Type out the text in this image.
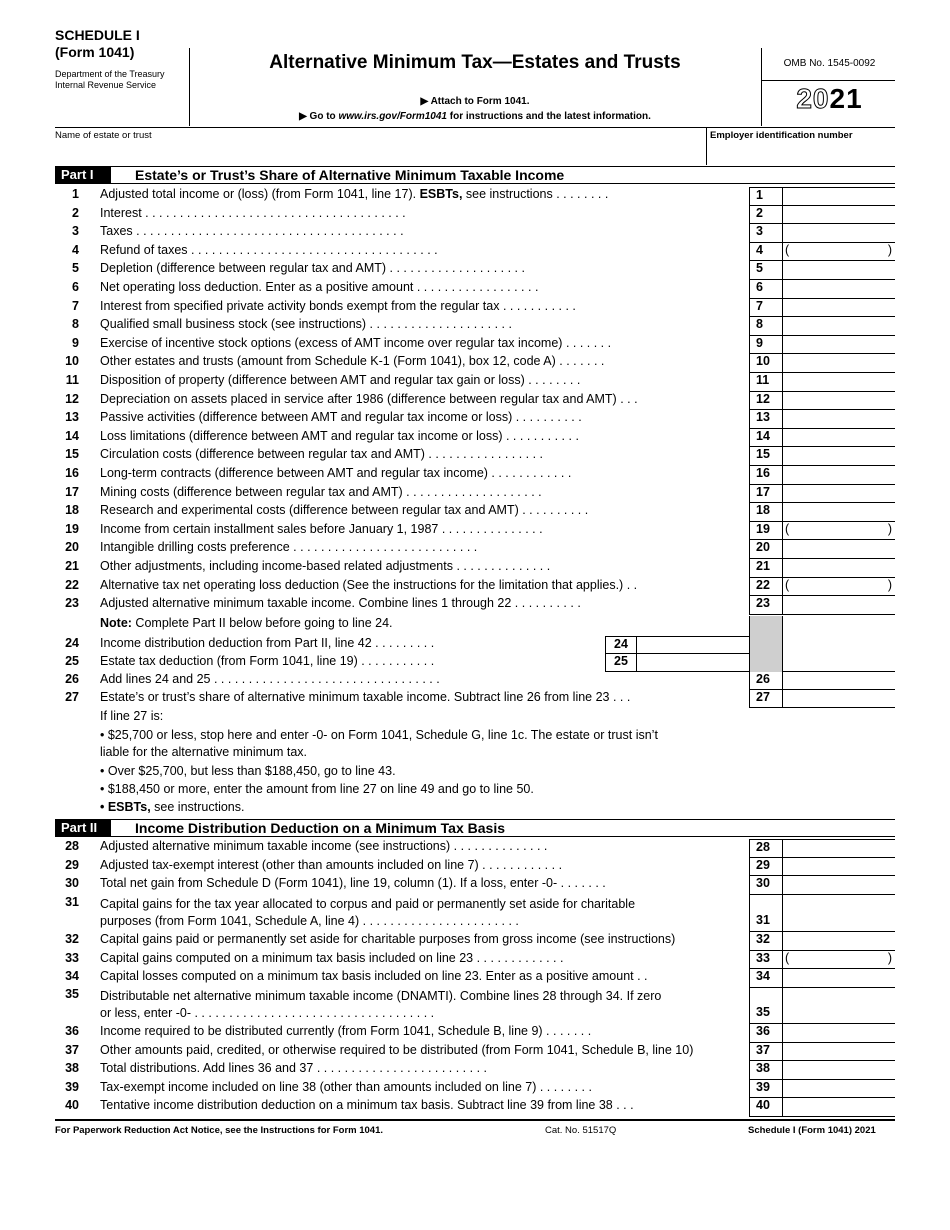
SCHEDULE I
(Form 1041)
Department of the Treasury
Internal Revenue Service
Alternative Minimum Tax—Estates and Trusts
▶ Attach to Form 1041.
▶ Go to www.irs.gov/Form1041 for instructions and the latest information.
OMB No. 1545-0092
2021
Name of estate or trust	Employer identification number
Part I	Estate’s or Trust’s Share of Alternative Minimum Taxable Income
1 Adjusted total income or (loss) (from Form 1041, line 17). ESBTs, see instructions . . . . . . . .	1
2 Interest . . . . . . . . . . . . . . . . . . . . . . . . . . . . . . . . . . . . . .	2
3 Taxes . . . . . . . . . . . . . . . . . . . . . . . . . . . . . . . . . . . . . . .	3
4 Refund of taxes . . . . . . . . . . . . . . . . . . . . . . . . . . . . . . . . . . . .	4	(	)
5 Depletion (difference between regular tax and AMT) . . . . . . . . . . . . . . . . . . . .	5
6 Net operating loss deduction. Enter as a positive amount . . . . . . . . . . . . . . . . . .	6
7 Interest from specified private activity bonds exempt from the regular tax . . . . . . . . . . .	7
8 Qualified small business stock (see instructions) . . . . . . . . . . . . . . . . . . . . .	8
9 Exercise of incentive stock options (excess of AMT income over regular tax income) . . . . . . .	9
10 Other estates and trusts (amount from Schedule K-1 (Form 1041), box 12, code A) . . . . . . .	10
11 Disposition of property (difference between AMT and regular tax gain or loss) . . . . . . . .	11
12 Depreciation on assets placed in service after 1986 (difference between regular tax and AMT) . . .	12
13 Passive activities (difference between AMT and regular tax income or loss) . . . . . . . . . .	13
14 Loss limitations (difference between AMT and regular tax income or loss) . . . . . . . . . . .	14
15 Circulation costs (difference between regular tax and AMT) . . . . . . . . . . . . . . . . .	15
16 Long-term contracts (difference between AMT and regular tax income) . . . . . . . . . . . .	16
17 Mining costs (difference between regular tax and AMT) . . . . . . . . . . . . . . . . . . . .	17
18 Research and experimental costs (difference between regular tax and AMT) . . . . . . . . . .	18
19 Income from certain installment sales before January 1, 1987 . . . . . . . . . . . . . . .	19	(	)
20 Intangible drilling costs preference . . . . . . . . . . . . . . . . . . . . . . . . . . .	20
21 Other adjustments, including income-based related adjustments . . . . . . . . . . . . . .	21
22 Alternative tax net operating loss deduction (See the instructions for the limitation that applies.) . .	22	(	)
23 Adjusted alternative minimum taxable income. Combine lines 1 through 22 . . . . . . . . . .	23
Note: Complete Part II below before going to line 24.
24 Income distribution deduction from Part II, line 42 . . . . . . . . .	24
25 Estate tax deduction (from Form 1041, line 19) . . . . . . . . . . .	25
26 Add lines 24 and 25 . . . . . . . . . . . . . . . . . . . . . . . . . . . . . . . . .	26
27 Estate’s or trust’s share of alternative minimum taxable income. Subtract line 26 from line 23 . . .	27
If line 27 is:
• $25,700 or less, stop here and enter -0- on Form 1041, Schedule G, line 1c. The estate or trust isn’t
liable for the alternative minimum tax.
• Over $25,700, but less than $188,450, go to line 43.
• $188,450 or more, enter the amount from line 27 on line 49 and go to line 50.
• ESBTs, see instructions.
Part II	Income Distribution Deduction on a Minimum Tax Basis
28 Adjusted alternative minimum taxable income (see instructions) . . . . . . . . . . . . . .	28
29 Adjusted tax-exempt interest (other than amounts included on line 7) . . . . . . . . . . . .	29
30 Total net gain from Schedule D (Form 1041), line 19, column (1). If a loss, enter -0- . . . . . . .	30
31 Capital gains for the tax year allocated to corpus and paid or permanently set aside for charitable
purposes (from Form 1041, Schedule A, line 4) . . . . . . . . . . . . . . . . . . . . . . .	31
32 Capital gains paid or permanently set aside for charitable purposes from gross income (see instructions)	32
33 Capital gains computed on a minimum tax basis included on line 23 . . . . . . . . . . . . .	33	(	)
34 Capital losses computed on a minimum tax basis included on line 23. Enter as a positive amount . .	34
35 Distributable net alternative minimum taxable income (DNAMTI). Combine lines 28 through 34. If zero
or less, enter -0- . . . . . . . . . . . . . . . . . . . . . . . . . . . . . . . . . . .	35
36 Income required to be distributed currently (from Form 1041, Schedule B, line 9) . . . . . . .	36
37 Other amounts paid, credited, or otherwise required to be distributed (from Form 1041, Schedule B, line 10)	37
38 Total distributions. Add lines 36 and 37 . . . . . . . . . . . . . . . . . . . . . . . . .	38
39 Tax-exempt income included on line 38 (other than amounts included on line 7) . . . . . . . .	39
40 Tentative income distribution deduction on a minimum tax basis. Subtract line 39 from line 38 . . .	40
For Paperwork Reduction Act Notice, see the Instructions for Form 1041.	Cat. No. 51517Q	Schedule I (Form 1041) 2021
